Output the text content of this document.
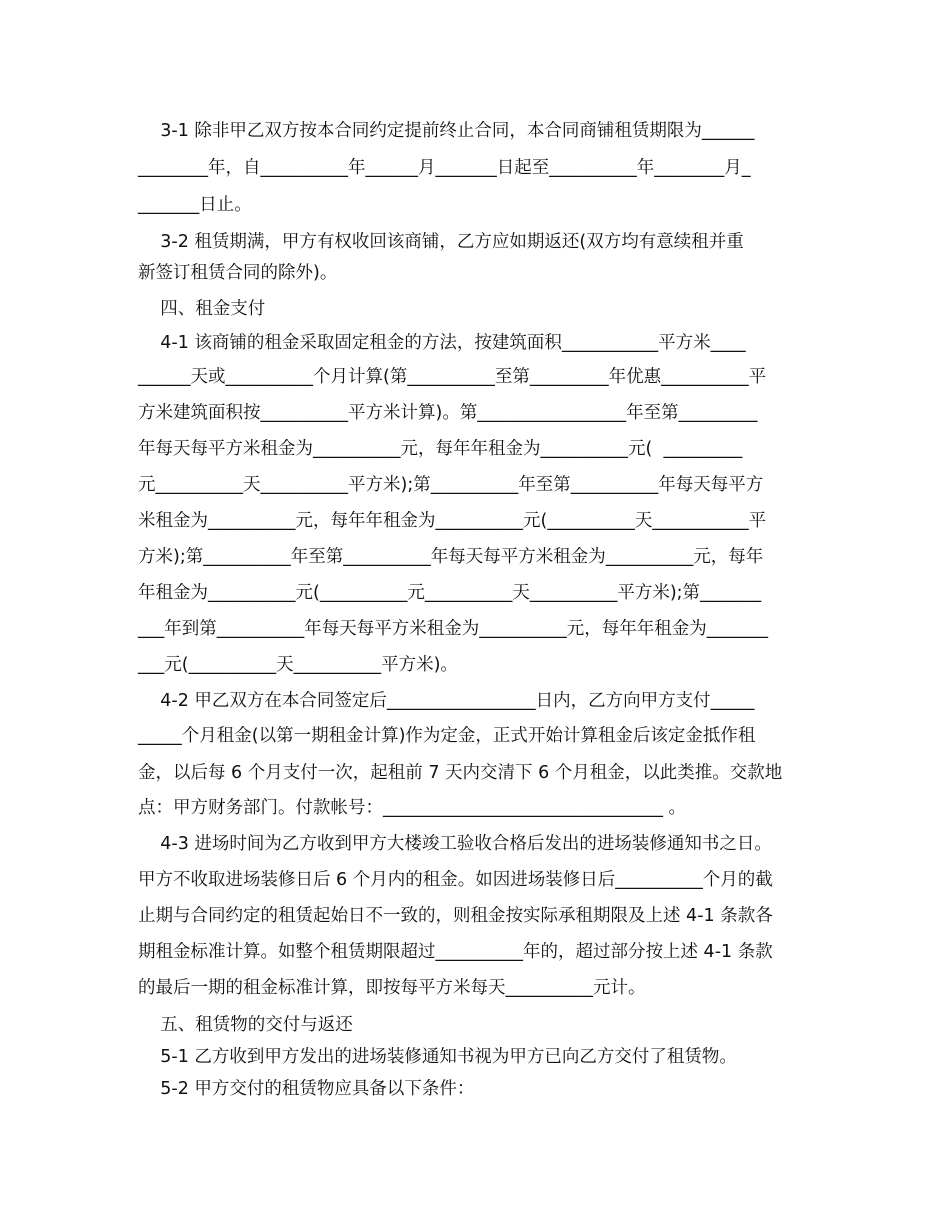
3-1 除非甲乙双方按本合同约定提前终止合同，本合同商铺租赁期限为______
________年，自__________年______月_______日起至__________年________月_
_______日止。
3-2 租赁期满，甲方有权收回该商铺，乙方应如期返还(双方均有意续租并重
新签订租赁合同的除外)。
四、租金支付
4-1 该商铺的租金采取固定租金的方法，按建筑面积___________平方米____
______天或__________个月计算(第__________至第_________年优惠__________平
方米建筑面积按__________平方米计算)。第_________________年至第_________
年每天每平方米租金为__________元，每年年租金为__________元(  _________
元__________天__________平方米);第__________年至第__________年每天每平方
米租金为__________元，每年年租金为__________元(__________天___________平
方米);第__________年至第__________年每天每平方米租金为__________元，每年
年租金为__________元(__________元__________天__________平方米);第_______
___年到第__________年每天每平方米租金为__________元，每年年租金为_______
___元(__________天__________平方米)。
4-2 甲乙双方在本合同签定后_________________日内，乙方向甲方支付_____
_____个月租金(以第一期租金计算)作为定金，正式开始计算租金后该定金抵作租
金，以后每 6 个月支付一次，起租前 7 天内交清下 6 个月租金，以此类推。交款地
点：甲方财务部门。付款帐号：________________________________ 。
4-3 进场时间为乙方收到甲方大楼竣工验收合格后发出的进场装修通知书之日。
甲方不收取进场装修日后 6 个月内的租金。如因进场装修日后__________个月的截
止期与合同约定的租赁起始日不一致的，则租金按实际承租期限及上述 4-1 条款各
期租金标准计算。如整个租赁期限超过__________年的，超过部分按上述 4-1 条款
的最后一期的租金标准计算，即按每平方米每天__________元计。
五、租赁物的交付与返还
5-1 乙方收到甲方发出的进场装修通知书视为甲方已向乙方交付了租赁物。
5-2 甲方交付的租赁物应具备以下条件：
